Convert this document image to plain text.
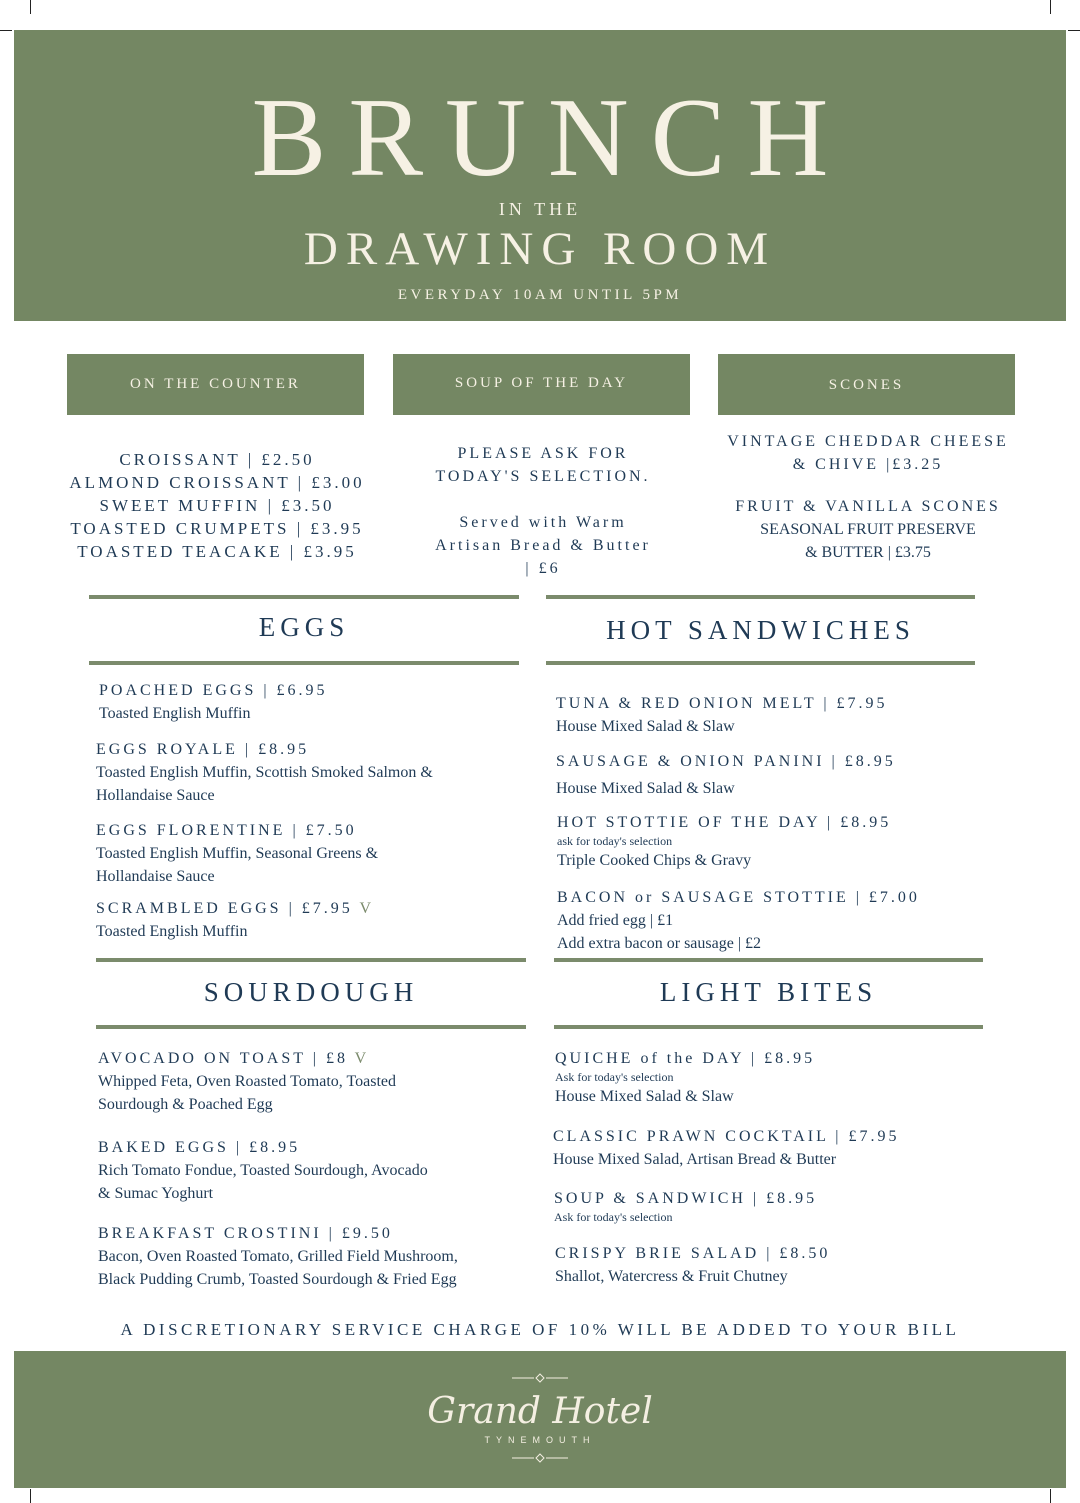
BRUNCH
IN THE
DRAWING ROOM
EVERYDAY 10AM UNTIL 5PM
ON THE COUNTER	SOUP OF THE DAY	SCONES
CROISSANT | £2.50
ALMOND CROISSANT | £3.00
SWEET MUFFIN | £3.50
TOASTED CRUMPETS | £3.95
TOASTED TEACAKE | £3.95
PLEASE ASK FOR
TODAY'S SELECTION.
Served with Warm
Artisan Bread & Butter
| £6
VINTAGE CHEDDAR CHEESE
& CHIVE |£3.25
FRUIT & VANILLA SCONES
SEASONAL FRUIT PRESERVE
& BUTTER | £3.75
EGGS
POACHED EGGS | £6.95
Toasted English Muffin
EGGS ROYALE | £8.95
Toasted English Muffin, Scottish Smoked Salmon &
Hollandaise Sauce
EGGS FLORENTINE | £7.50
Toasted English Muffin, Seasonal Greens &
Hollandaise Sauce
SCRAMBLED EGGS | £7.95 V
Toasted English Muffin
HOT SANDWICHES
TUNA & RED ONION MELT | £7.95
House Mixed Salad & Slaw
SAUSAGE & ONION PANINI | £8.95
House Mixed Salad & Slaw
HOT STOTTIE OF THE DAY | £8.95
ask for today's selection
Triple Cooked Chips & Gravy
BACON or SAUSAGE STOTTIE | £7.00
Add fried egg | £1
Add extra bacon or sausage | £2
SOURDOUGH
AVOCADO ON TOAST | £8 V
Whipped Feta, Oven Roasted Tomato, Toasted
Sourdough & Poached Egg
BAKED EGGS | £8.95
Rich Tomato Fondue, Toasted Sourdough, Avocado
& Sumac Yoghurt
BREAKFAST CROSTINI | £9.50
Bacon, Oven Roasted Tomato, Grilled Field Mushroom,
Black Pudding Crumb, Toasted Sourdough & Fried Egg
LIGHT BITES
QUICHE of the DAY | £8.95
Ask for today's selection
House Mixed Salad & Slaw
CLASSIC PRAWN COCKTAIL | £7.95
House Mixed Salad, Artisan Bread & Butter
SOUP & SANDWICH | £8.95
Ask for today's selection
CRISPY BRIE SALAD | £8.50
Shallot, Watercress & Fruit Chutney
A DISCRETIONARY SERVICE CHARGE OF 10% WILL BE ADDED TO YOUR BILL
Grand Hotel
TYNEMOUTH
